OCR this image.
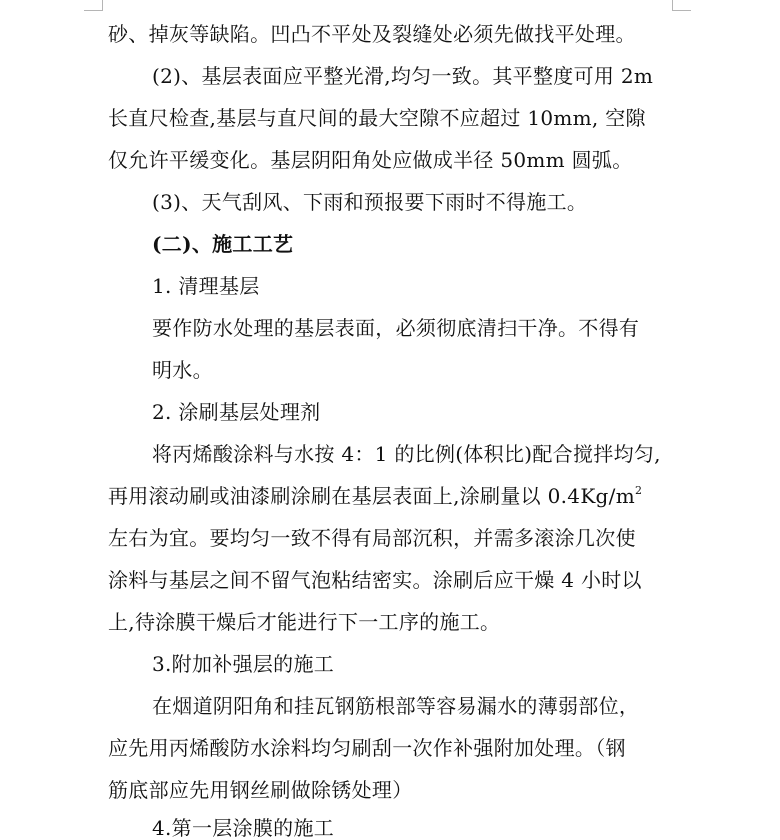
砂、掉灰等缺陷。凹凸不平处及裂缝处必须先做找平处理。
(2)、基层表面应平整光滑,均匀一致。其平整度可用 2m
长直尺检查,基层与直尺间的最大空隙不应超过 10mm, 空隙
仅允许平缓变化。基层阴阳角处应做成半径 50mm 圆弧。
(3)、天气刮风、下雨和预报要下雨时不得施工。
(二)、施工工艺
1. 清理基层
要作防水处理的基层表面，必须彻底清扫干净。不得有
明水。
2. 涂刷基层处理剂
将丙烯酸涂料与水按 4：1 的比例(体积比)配合搅拌均匀,
再用滚动刷或油漆刷涂刷在基层表面上,涂刷量以 $0.4Kg/m^2$
左右为宜。要均匀一致不得有局部沉积，并需多滚涂几次使
涂料与基层之间不留气泡粘结密实。涂刷后应干燥 4 小时以
上,待涂膜干燥后才能进行下一工序的施工。
3.附加补强层的施工
在烟道阴阳角和挂瓦钢筋根部等容易漏水的薄弱部位，
应先用丙烯酸防水涂料均匀刷刮一次作补强附加处理。（钢
筋底部应先用钢丝刷做除锈处理）
4.第一层涂膜的施工
